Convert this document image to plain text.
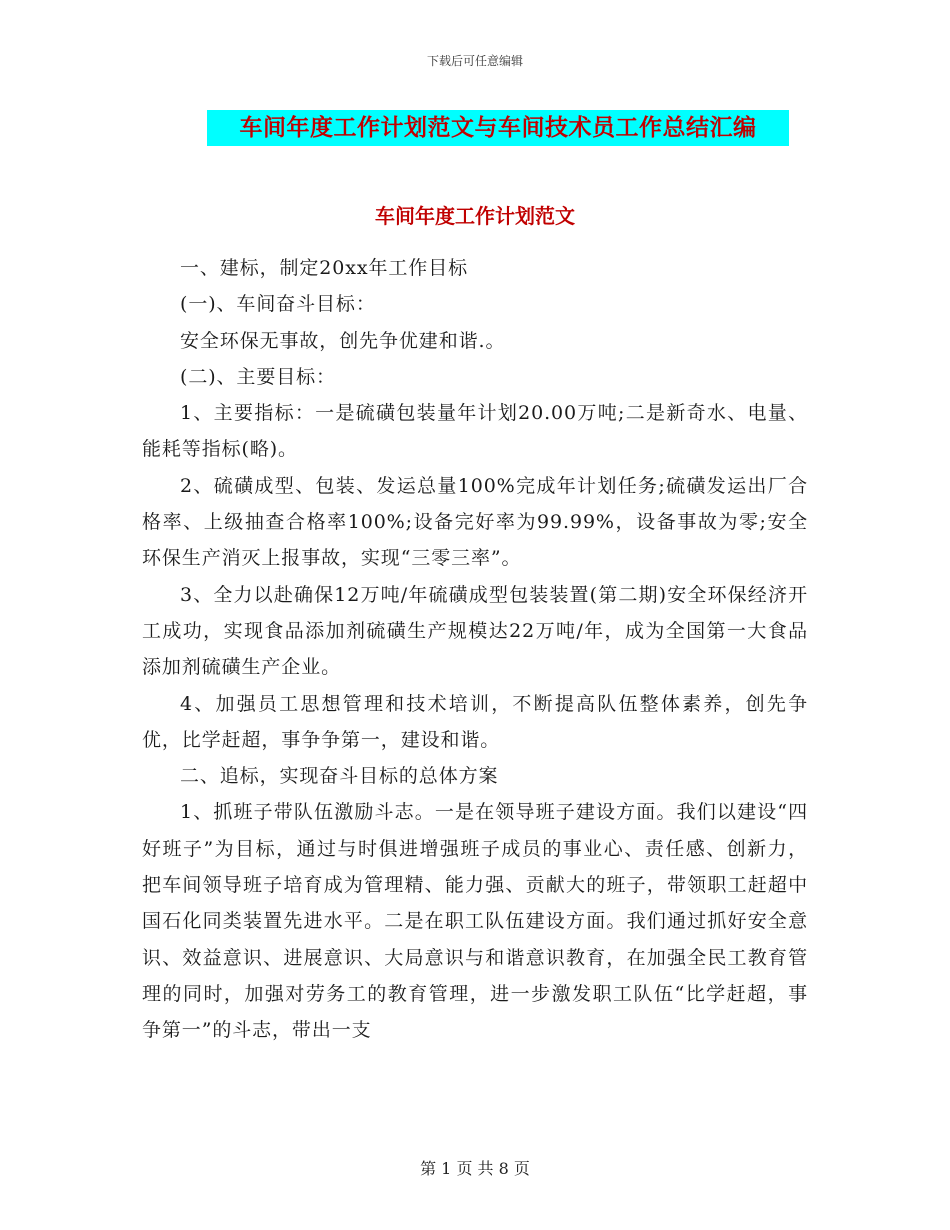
下载后可任意编辑
车间年度工作计划范文与车间技术员工作总结汇编
车间年度工作计划范文

一、建标，制定20xx年工作目标

(一)、车间奋斗目标：

安全环保无事故，创先争优建和谐.。

(二)、主要目标：

1、主要指标：一是硫磺包装量年计划20.00万吨;二是新奇水、电量、能耗等指标(略)。

2、硫磺成型、包装、发运总量100%完成年计划任务;硫磺发运出厂合格率、上级抽查合格率100%;设备完好率为99.99%，设备事故为零;安全环保生产消灭上报事故，实现“三零三率”。

3、全力以赴确保12万吨/年硫磺成型包装装置(第二期)安全环保经济开工成功，实现食品添加剂硫磺生产规模达22万吨/年，成为全国第一大食品添加剂硫磺生产企业。

4、加强员工思想管理和技术培训，不断提高队伍整体素养，创先争优，比学赶超，事争争第一，建设和谐。

二、追标，实现奋斗目标的总体方案

1、抓班子带队伍激励斗志。一是在领导班子建设方面。我们以建设“四好班子”为目标，通过与时俱进增强班子成员的事业心、责任感、创新力，把车间领导班子培育成为管理精、能力强、贡献大的班子，带领职工赶超中国石化同类装置先进水平。二是在职工队伍建设方面。我们通过抓好安全意识、效益意识、进展意识、大局意识与和谐意识教育，在加强全民工教育管理的同时，加强对劳务工的教育管理，进一步激发职工队伍“比学赶超，事争第一”的斗志，带出一支

第 1 页 共 8 页
